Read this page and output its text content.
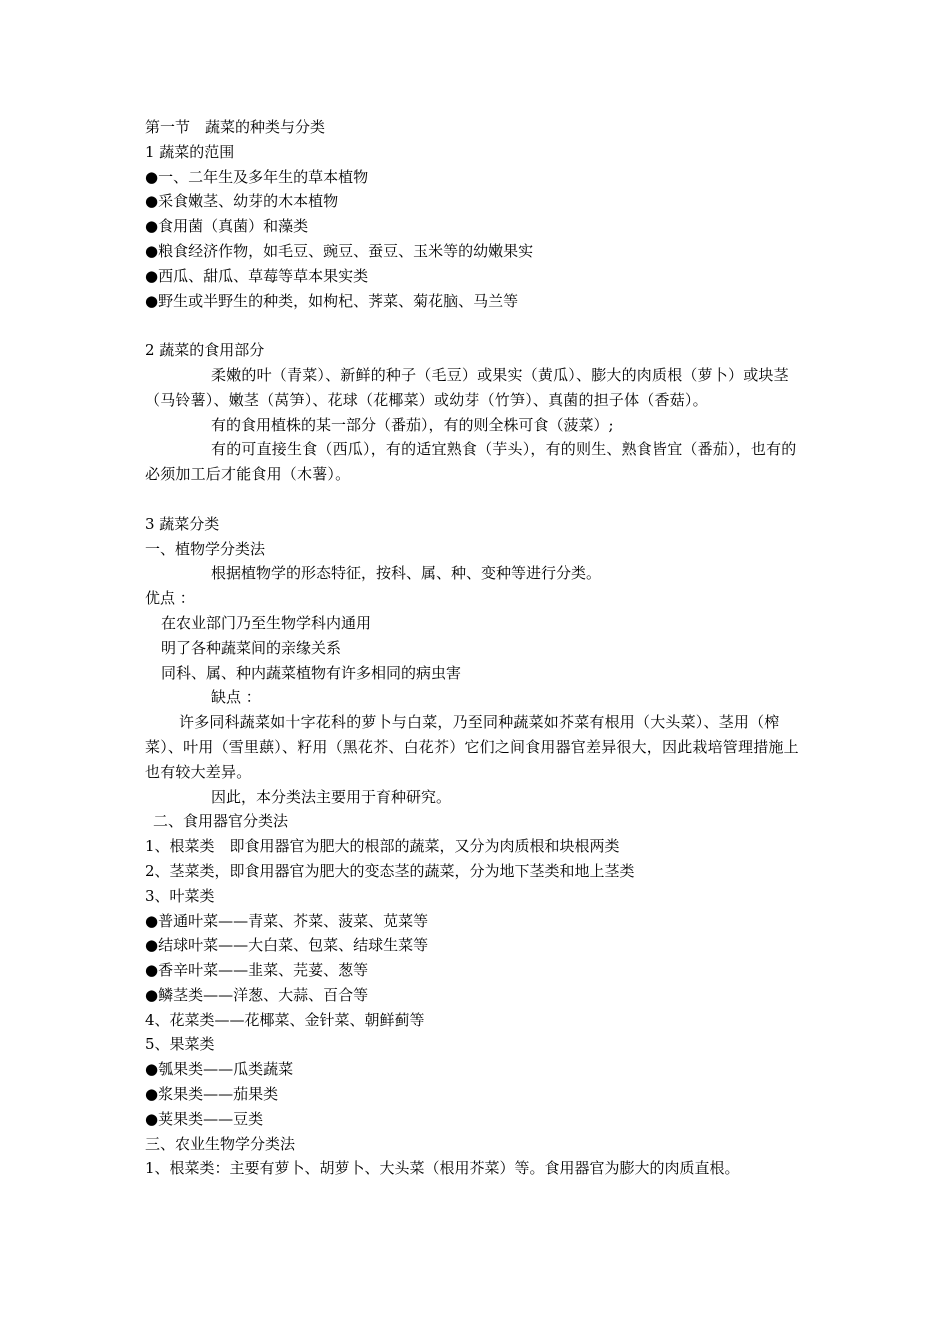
第一节　蔬菜的种类与分类
1 蔬菜的范围
●一、二年生及多年生的草本植物
●采食嫩茎、幼芽的木本植物
●食用菌（真菌）和藻类
●粮食经济作物，如毛豆、豌豆、蚕豆、玉米等的幼嫩果实
●西瓜、甜瓜、草莓等草本果实类
●野生或半野生的种类，如枸杞、荠菜、菊花脑、马兰等
2 蔬菜的食用部分
柔嫩的叶（青菜）、新鲜的种子（毛豆）或果实（黄瓜）、膨大的肉质根（萝卜）或块茎（马铃薯）、嫩茎（莴笋）、花球（花椰菜）或幼芽（竹笋）、真菌的担子体（香菇）。
有的食用植株的某一部分（番茄），有的则全株可食（菠菜）;
有的可直接生食（西瓜），有的适宜熟食（芋头），有的则生、熟食皆宜（番茄），也有的必须加工后才能食用（木薯）。
3 蔬菜分类
一、植物学分类法
根据植物学的形态特征，按科、属、种、变种等进行分类。
优点 ：
在农业部门乃至生物学科内通用
明了各种蔬菜间的亲缘关系
同科、属、种内蔬菜植物有许多相同的病虫害
缺点 ：
许多同科蔬菜如十字花科的萝卜与白菜，乃至同种蔬菜如芥菜有根用（大头菜）、茎用（榨菜）、叶用（雪里蕻）、籽用（黑花芥、白花芥）它们之间食用器官差异很大，因此栽培管理措施上也有较大差异。
因此，本分类法主要用于育种研究。
二、食用器官分类法
1、根菜类　即食用器官为肥大的根部的蔬菜，又分为肉质根和块根两类
2、茎菜类，即食用器官为肥大的变态茎的蔬菜，分为地下茎类和地上茎类
3、叶菜类
●普通叶菜——青菜、芥菜、菠菜、苋菜等
●结球叶菜——大白菜、包菜、结球生菜等
●香辛叶菜——韭菜、芫荽、葱等
●鳞茎类——洋葱、大蒜、百合等
4、花菜类——花椰菜、金针菜、朝鲜蓟等
5、果菜类
●瓠果类——瓜类蔬菜
●浆果类——茄果类
●荚果类——豆类
三、农业生物学分类法
1、根菜类：主要有萝卜、胡萝卜、大头菜（根用芥菜）等。食用器官为膨大的肉质直根。
